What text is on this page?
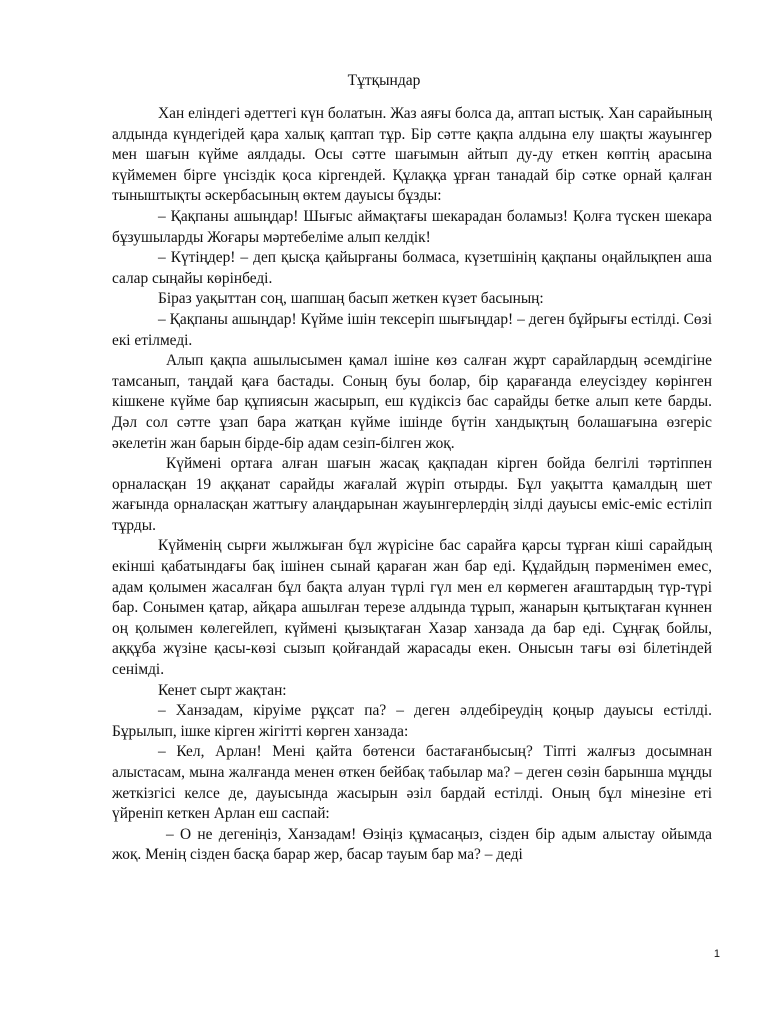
Тұтқындар

Хан еліндегі әдеттегі күн болатын. Жаз аяғы болса да, аптап ыстық. Хан сарайының алдында күндегідей қара халық қаптап тұр. Бір сәтте қақпа алдына елу шақты жауынгер мен шағын күйме аялдады. Осы сәтте шағымын айтып ду-ду еткен көптің арасына күймемен бірге үнсіздік қоса кіргендей. Құлаққа ұрған танадай бір сәтке орнай қалған тыныштықты әскербасының өктем дауысы бұзды:

– Қақпаны ашыңдар! Шығыс аймақтағы шекарадан боламыз! Қолға түскен шекара бұзушыларды Жоғары мәртебеліме алып келдік!

– Күтіңдер! – деп қысқа қайырғаны болмаса, күзетшінің қақпаны оңайлықпен аша салар сыңайы көрінбеді.

Біраз уақыттан соң, шапшаң басып жеткен күзет басының:

– Қақпаны ашыңдар! Күйме ішін тексеріп шығыңдар! – деген бұйрығы естілді. Сөзі екі етілмеді.

Алып қақпа ашылысымен қамал ішіне көз салған жұрт сарайлардың әсемдігіне тамсанып, таңдай қаға бастады. Соның буы болар, бір қарағанда елеусіздеу көрінген кішкене күйме бар құпиясын жасырып, еш күдіксіз бас сарайды бетке алып кете барды. Дәл сол сәтте ұзап бара жатқан күйме ішінде бүтін хандықтың болашағына өзгеріс әкелетін жан барын бірде-бір адам сезіп-білген жоқ.

Күймені ортаға алған шағын жасақ қақпадан кірген бойда белгілі тәртіппен орналасқан 19 аққанат сарайды жағалай жүріп отырды. Бұл уақытта қамалдың шет жағында орналасқан жаттығу алаңдарынан жауынгерлердің зілді дауысы еміс-еміс естіліп тұрды.

Күйменің сырғи жылжыған бұл жүрісіне бас сарайға қарсы тұрған кіші сарайдың екінші қабатындағы бақ ішінен сынай қараған жан бар еді. Құдайдың пәрменімен емес, адам қолымен жасалған бұл бақта алуан түрлі гүл мен ел көрмеген ағаштардың түр-түрі бар. Сонымен қатар, айқара ашылған терезе алдында тұрып, жанарын қытықтаған күннен оң қолымен көлегейлеп, күймені қызықтаған Хазар ханзада да бар еді. Сұңғақ бойлы, аққұба жүзіне қасы-көзі сызып қойғандай жарасады екен. Онысын тағы өзі білетіндей сенімді.

Кенет сырт жақтан:

– Ханзадам, кіруіме рұқсат па? – деген әлдебіреудің қоңыр дауысы естілді. Бұрылып, ішке кірген жігітті көрген ханзада:

– Кел, Арлан! Мені қайта бөтенси бастағанбысың? Тіпті жалғыз досымнан алыстасам, мына жалғанда менен өткен бейбақ табылар ма? – деген сөзін барынша мұңды жеткізгісі келсе де, дауысында жасырын әзіл бардай естілді. Оның бұл мінезіне еті үйреніп кеткен Арлан еш саспай:

– О не дегеніңіз, Ханзадам! Өзіңіз құмасаңыз, сізден бір адым алыстау ойымда жоқ. Менің сізден басқа барар жер, басар тауым бар ма? – деді

1
